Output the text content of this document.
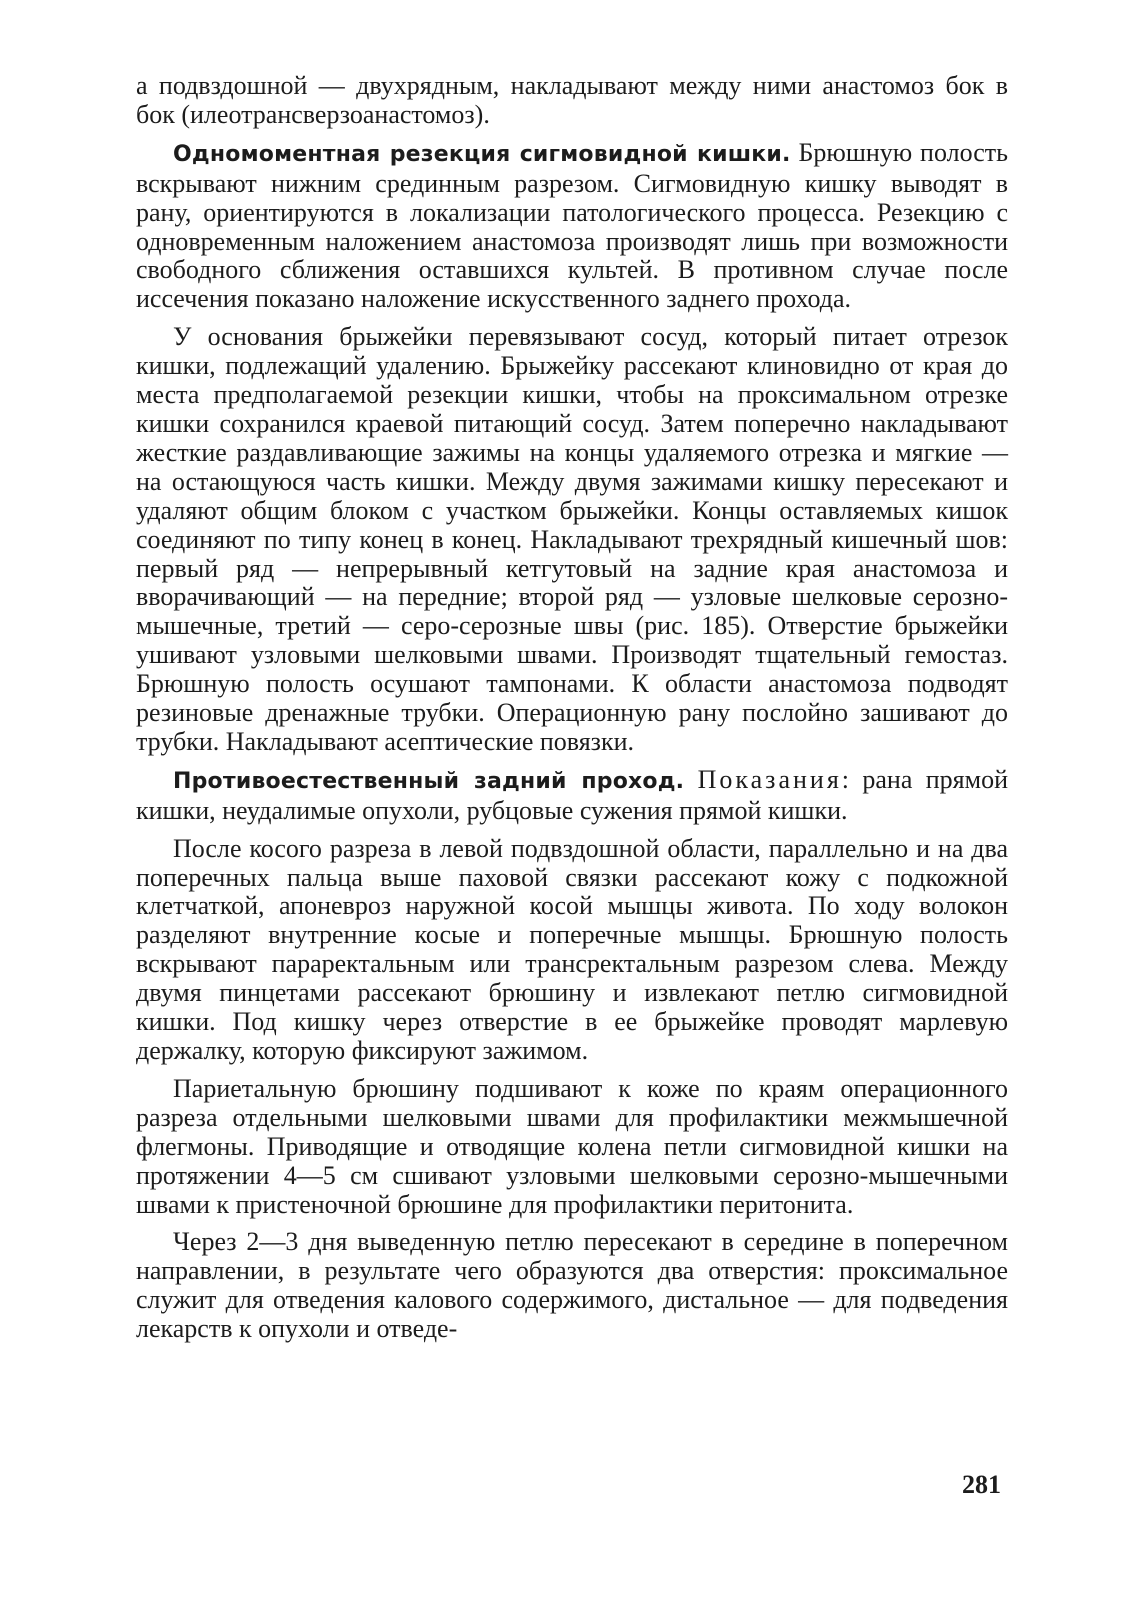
а подвздошной — двухрядным, накладывают между ними анастомоз бок в бок (илеотрансверзоанастомоз).

Одномоментная резекция сигмовидной кишки. Брюшную полость вскрывают нижним срединным разрезом. Сигмовидную кишку выводят в рану, ориентируются в локализации патологического процесса. Резекцию с одновременным наложением анастомоза производят лишь при возможности свободного сближения оставшихся культей. В противном случае после иссечения показано наложение искусственного заднего прохода.

У основания брыжейки перевязывают сосуд, который питает отрезок кишки, подлежащий удалению. Брыжейку рассекают клиновидно от края до места предполагаемой резекции кишки, чтобы на проксимальном отрезке кишки сохранился краевой питающий сосуд. Затем поперечно накладывают жесткие раздавливающие зажимы на концы удаляемого отрезка и мягкие — на остающуюся часть кишки. Между двумя зажимами кишку пересекают и удаляют общим блоком с участком брыжейки. Концы оставляемых кишок соединяют по типу конец в конец. Накладывают трехрядный кишечный шов: первый ряд — непрерывный кетгутовый на задние края анастомоза и вворачивающий — на передние; второй ряд — узловые шелковые серозно-мышечные, третий — серо-серозные швы (рис. 185). Отверстие брыжейки ушивают узловыми шелковыми швами. Производят тщательный гемостаз. Брюшную полость осушают тампонами. К области анастомоза подводят резиновые дренажные трубки. Операционную рану послойно зашивают до трубки. Накладывают асептические повязки.

Противоестественный задний проход. Показания: рана прямой кишки, неудалимые опухоли, рубцовые сужения прямой кишки.

После косого разреза в левой подвздошной области, параллельно и на два поперечных пальца выше паховой связки рассекают кожу с подкожной клетчаткой, апоневроз наружной косой мышцы живота. По ходу волокон разделяют внутренние косые и поперечные мышцы. Брюшную полость вскрывают параректальным или трансректальным разрезом слева. Между двумя пинцетами рассекают брюшину и извлекают петлю сигмовидной кишки. Под кишку через отверстие в ее брыжейке проводят марлевую держалку, которую фиксируют зажимом.

Париетальную брюшину подшивают к коже по краям операционного разреза отдельными шелковыми швами для профилактики межмышечной флегмоны. Приводящие и отводящие колена петли сигмовидной кишки на протяжении 4—5 см сшивают узловыми шелковыми серозно-мышечными швами к пристеночной брюшине для профилактики перитонита.

Через 2—3 дня выведенную петлю пересекают в середине в поперечном направлении, в результате чего образуются два отверстия: проксимальное служит для отведения калового содержимого, дистальное — для подведения лекарств к опухоли и отведе-

281
